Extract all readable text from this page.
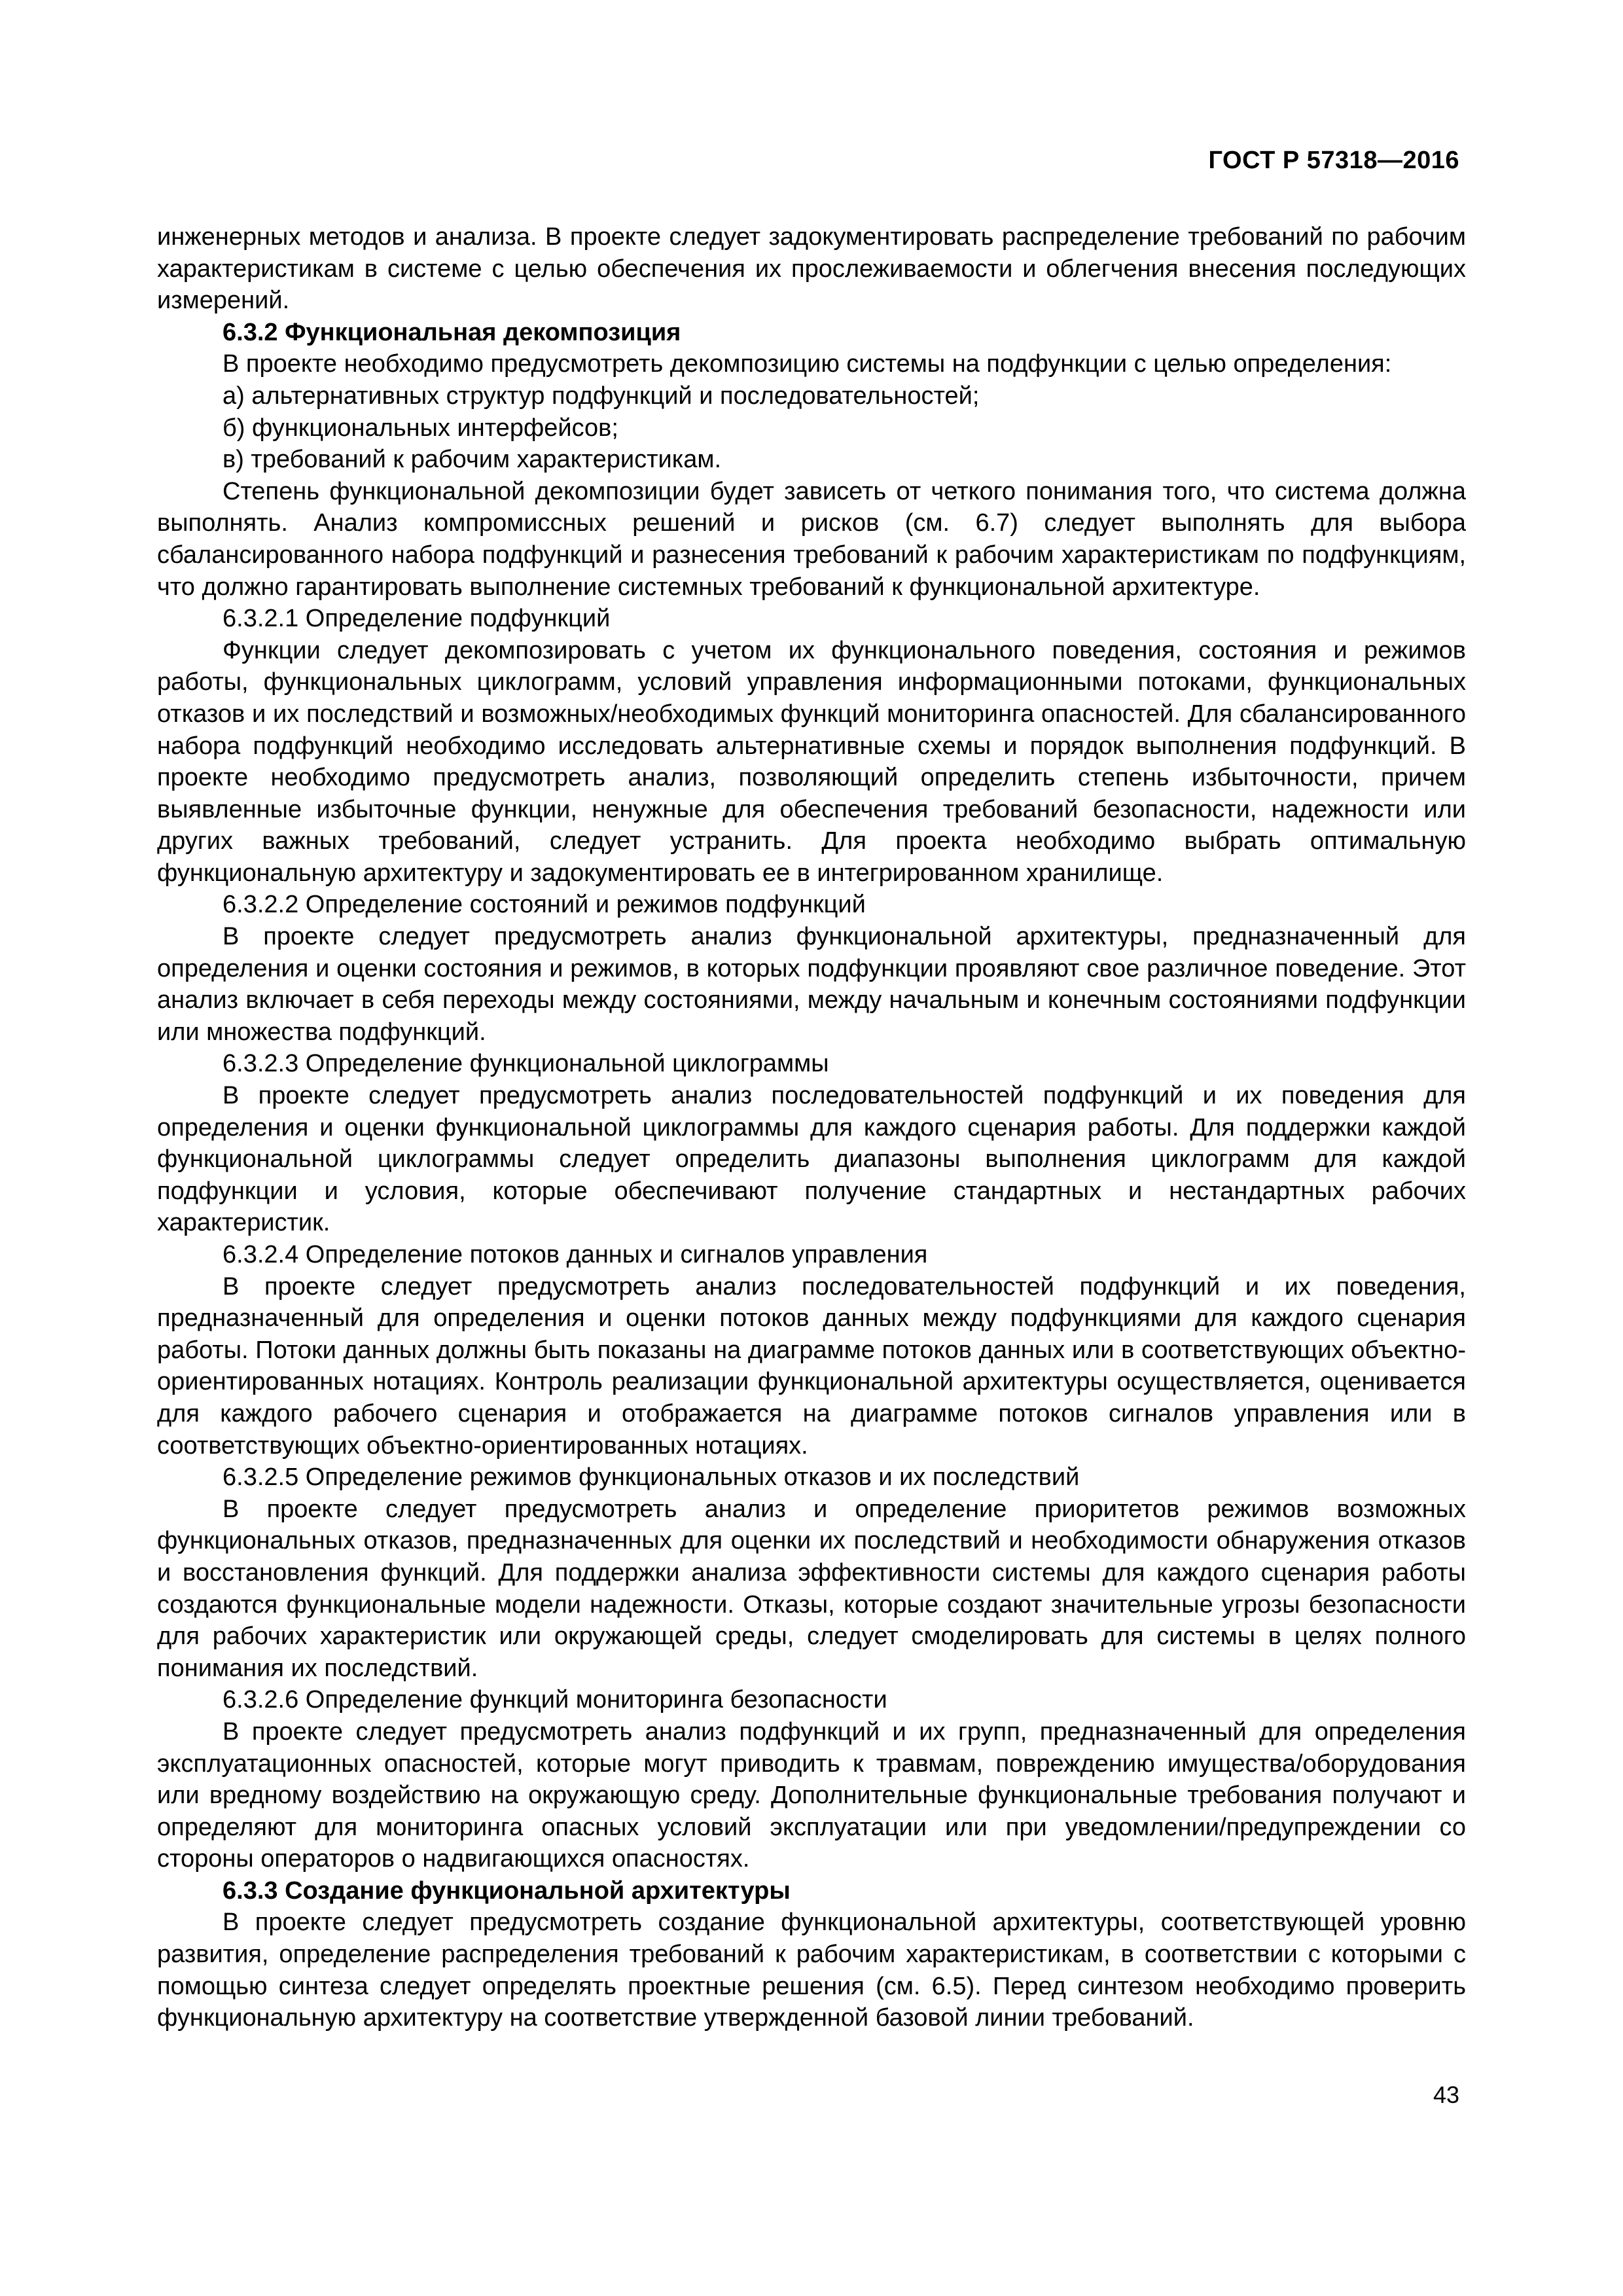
ГОСТ Р 57318—2016

инженерных методов и анализа. В проекте следует задокументировать распределение требований по рабочим характеристикам в системе с целью обеспечения их прослеживаемости и облегчения внесения последующих измерений.

6.3.2 Функциональная декомпозиция

В проекте необходимо предусмотреть декомпозицию системы на подфункции с целью определения:

а) альтернативных структур подфункций и последовательностей;

б) функциональных интерфейсов;

в) требований к рабочим характеристикам.

Степень функциональной декомпозиции будет зависеть от четкого понимания того, что система должна выполнять. Анализ компромиссных решений и рисков (см. 6.7) следует выполнять для выбора сбалансированного набора подфункций и разнесения требований к рабочим характеристикам по подфункциям, что должно гарантировать выполнение системных требований к функциональной архитектуре.

6.3.2.1 Определение подфункций

Функции следует декомпозировать с учетом их функционального поведения, состояния и режимов работы, функциональных циклограмм, условий управления информационными потоками, функциональных отказов и их последствий и возможных/необходимых функций мониторинга опасностей. Для сбалансированного набора подфункций необходимо исследовать альтернативные схемы и порядок выполнения подфункций. В проекте необходимо предусмотреть анализ, позволяющий определить степень избыточности, причем выявленные избыточные функции, ненужные для обеспечения требований безопасности, надежности или других важных требований, следует устранить. Для проекта необходимо выбрать оптимальную функциональную архитектуру и задокументировать ее в интегрированном хранилище.

6.3.2.2 Определение состояний и режимов подфункций

В проекте следует предусмотреть анализ функциональной архитектуры, предназначенный для определения и оценки состояния и режимов, в которых подфункции проявляют свое различное поведение. Этот анализ включает в себя переходы между состояниями, между начальным и конечным состояниями подфункции или множества подфункций.

6.3.2.3 Определение функциональной циклограммы

В проекте следует предусмотреть анализ последовательностей подфункций и их поведения для определения и оценки функциональной циклограммы для каждого сценария работы. Для поддержки каждой функциональной циклограммы следует определить диапазоны выполнения циклограмм для каждой подфункции и условия, которые обеспечивают получение стандартных и нестандартных рабочих характеристик.

6.3.2.4 Определение потоков данных и сигналов управления

В проекте следует предусмотреть анализ последовательностей подфункций и их поведения, предназначенный для определения и оценки потоков данных между подфункциями для каждого сценария работы. Потоки данных должны быть показаны на диаграмме потоков данных или в соответствующих объектно-ориентированных нотациях. Контроль реализации функциональной архитектуры осуществляется, оценивается для каждого рабочего сценария и отображается на диаграмме потоков сигналов управления или в соответствующих объектно-ориентированных нотациях.

6.3.2.5 Определение режимов функциональных отказов и их последствий

В проекте следует предусмотреть анализ и определение приоритетов режимов возможных функциональных отказов, предназначенных для оценки их последствий и необходимости обнаружения отказов и восстановления функций. Для поддержки анализа эффективности системы для каждого сценария работы создаются функциональные модели надежности. Отказы, которые создают значительные угрозы безопасности для рабочих характеристик или окружающей среды, следует смоделировать для системы в целях полного понимания их последствий.

6.3.2.6 Определение функций мониторинга безопасности

В проекте следует предусмотреть анализ подфункций и их групп, предназначенный для определения эксплуатационных опасностей, которые могут приводить к травмам, повреждению имущества/оборудования или вредному воздействию на окружающую среду. Дополнительные функциональные требования получают и определяют для мониторинга опасных условий эксплуатации или при уведомлении/предупреждении со стороны операторов о надвигающихся опасностях.

6.3.3 Создание функциональной архитектуры

В проекте следует предусмотреть создание функциональной архитектуры, соответствующей уровню развития, определение распределения требований к рабочим характеристикам, в соответствии с которыми с помощью синтеза следует определять проектные решения (см. 6.5). Перед синтезом необходимо проверить функциональную архитектуру на соответствие утвержденной базовой линии требований.

43
